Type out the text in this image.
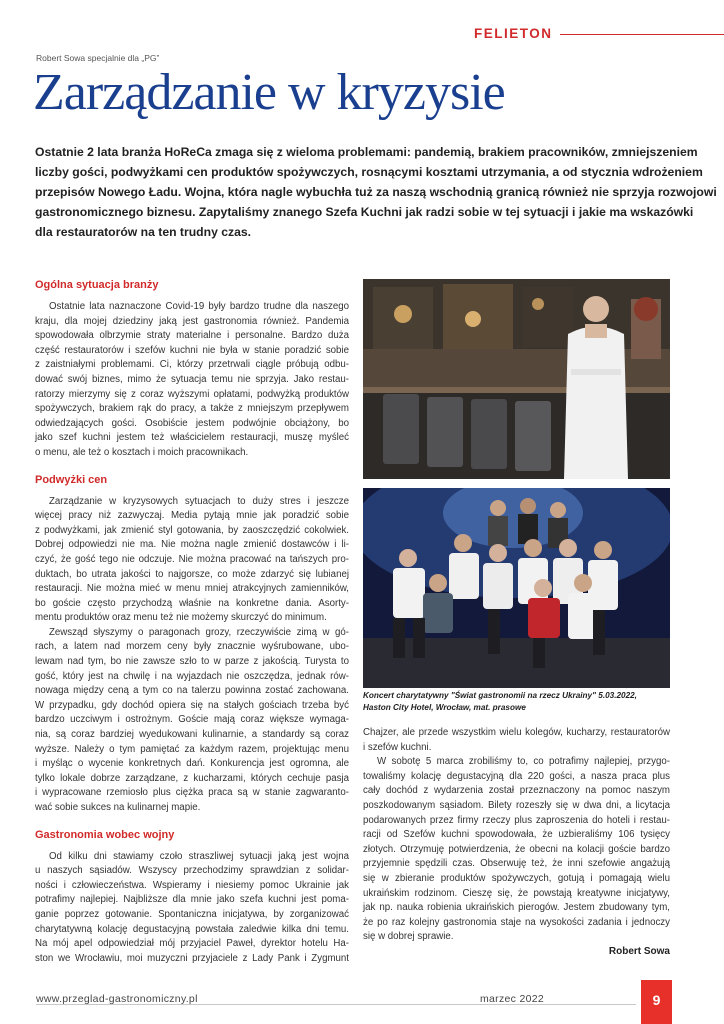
FELIETON
Robert Sowa specjalnie dla „PG”
Zarządzanie w kryzysie
Ostatnie 2 lata branża HoReCa zmaga się z wieloma problemami: pandemią, brakiem pracowników, zmniejszeniem
liczby gości, podwyżkami cen produktów spożywczych, rosnącymi kosztami utrzymania, a od stycznia wdrożeniem
przepisów Nowego Ładu. Wojna, która nagle wybuchła tuż za naszą wschodnią granicą również nie sprzyja rozwojowi
gastronomicznego biznesu. Zapytaliśmy znanego Szefa Kuchni jak radzi sobie w tej sytuacji i jakie ma wskazówki
dla restauratorów na ten trudny czas.
Ogólna sytuacja branży
Ostatnie lata naznaczone Covid-19 były bardzo trudne dla naszego
kraju, dla mojej dziedziny jaką jest gastronomia również. Pandemia
spowodowała olbrzymie straty materialne i personalne. Bardzo duża
część restauratorów i szefów kuchni nie była w stanie poradzić sobie
z zaistniałymi problemami. Ci, którzy przetrwali ciągle próbują odbu-
dować swój biznes, mimo że sytuacja temu nie sprzyja. Jako restau-
ratorzy mierzymy się z coraz wyższymi opłatami, podwyżką produktów
spożywczych, brakiem rąk do pracy, a także z mniejszym przepływem
odwiedzających gości. Osobiście jestem podwójnie obciążony, bo
jako szef kuchni jestem też właścicielem restauracji, muszę myśleć
o menu, ale też o kosztach i moich pracownikach.
Podwyżki cen
Zarządzanie w kryzysowych sytuacjach to duży stres i jeszcze
więcej pracy niż zazwyczaj. Media pytają mnie jak poradzić sobie
z podwyżkami, jak zmienić styl gotowania, by zaoszczędzić cokolwiek.
Dobrej odpowiedzi nie ma. Nie można nagle zmienić dostawców i li-
czyć, że gość tego nie odczuje. Nie można pracować na tańszych pro-
duktach, bo utrata jakości to najgorsze, co może zdarzyć się lubianej
restauracji. Nie można mieć w menu mniej atrakcyjnych zamienników,
bo goście często przychodzą właśnie na konkretne dania. Asorty-
mentu produktów oraz menu też nie możemy skurczyć do minimum.
Zewsząd słyszymy o paragonach grozy, rzeczywiście zimą w gó-
rach, a latem nad morzem ceny były znacznie wyśrubowane, ubo-
lewam nad tym, bo nie zawsze szło to w parze z jakością. Turysta to
gość, który jest na chwilę i na wyjazdach nie oszczędza, jednak rów-
nowaga między ceną a tym co na talerzu powinna zostać zachowana.
W przypadku, gdy dochód opiera się na stałych gościach trzeba być
bardzo uczciwym i ostrożnym. Goście mają coraz większe wymaga-
nia, są coraz bardziej wyedukowani kulinarnie, a standardy są coraz
wyższe. Należy o tym pamiętać za każdym razem, projektując menu
i myśląc o wycenie konkretnych dań. Konkurencja jest ogromna, ale
tylko lokale dobrze zarządzane, z kucharzami, których cechuje pasja
i wypracowane rzemiosło plus ciężka praca są w stanie zagwaranto-
wać sobie sukces na kulinarnej mapie.
Gastronomia wobec wojny
Od kilku dni stawiamy czoło straszliwej sytuacji jaką jest wojna
u naszych sąsiadów. Wszyscy przechodzimy sprawdzian z solidar-
ności i człowieczeństwa. Wspieramy i niesiemy pomoc Ukrainie jak
potrafimy najlepiej. Najbliższe dla mnie jako szefa kuchni jest poma-
ganie poprzez gotowanie. Spontaniczna inicjatywa, by zorganizować
charytatywną kolację degustacyjną powstała zaledwie kilka dni temu.
Na mój apel odpowiedział mój przyjaciel Paweł, dyrektor hotelu Ha-
ston we Wrocławiu, moi muzyczni przyjaciele z Lady Pank i Zygmunt
Koncert charytatywny "Świat gastronomii na rzecz Ukrainy" 5.03.2022,
Haston City Hotel, Wrocław, mat. prasowe
Chajzer, ale przede wszystkim wielu kolegów, kucharzy, restauratorów
i szefów kuchni.
W sobotę 5 marca zrobiliśmy to, co potrafimy najlepiej, przygo-
towaliśmy kolację degustacyjną dla 220 gości, a nasza praca plus
cały dochód z wydarzenia został przeznaczony na pomoc naszym
poszkodowanym sąsiadom. Bilety rozeszły się w dwa dni, a licytacja
podarowanych przez firmy rzeczy plus zaproszenia do hoteli i restau-
racji od Szefów kuchni spowodowała, że uzbieraliśmy 106 tysięcy
złotych. Otrzymuję potwierdzenia, że obecni na kolacji goście bardzo
przyjemnie spędzili czas. Obserwuję też, że inni szefowie angażują
się w zbieranie produktów spożywczych, gotują i pomagają wielu
ukraińskim rodzinom. Cieszę się, że powstają kreatywne inicjatywy,
jak np. nauka robienia ukraińskich pierogów. Jestem zbudowany tym,
że po raz kolejny gastronomia staje na wysokości zadania i jednoczy
się w dobrej sprawie.
Robert Sowa
www.przeglad-gastronomiczny.pl	marzec 2022	9
